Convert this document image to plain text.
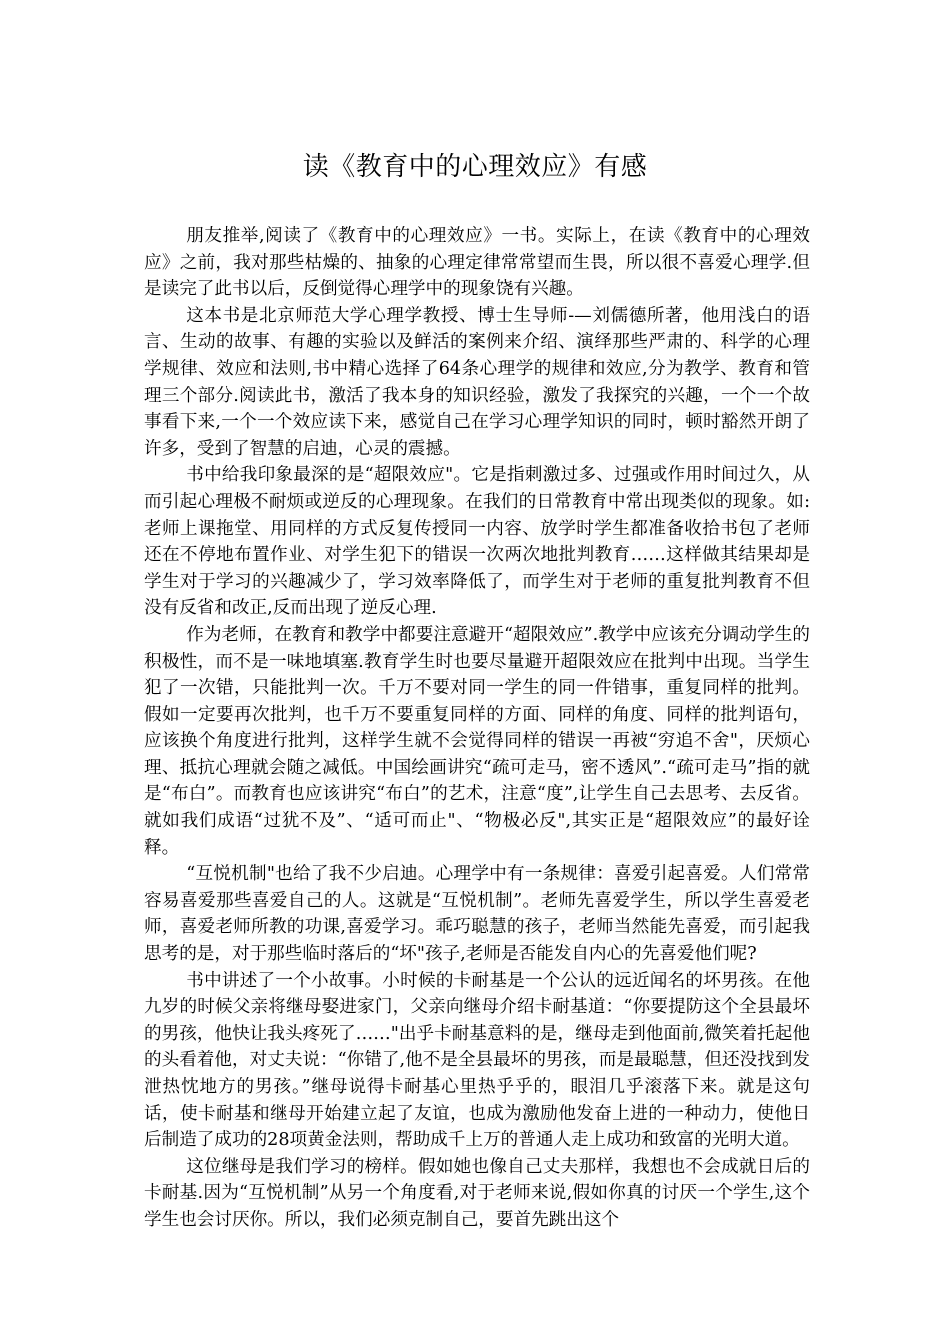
读《教育中的心理效应》有感

朋友推举,阅读了《教育中的心理效应》一书。实际上，在读《教育中的心理效应》之前，我对那些枯燥的、抽象的心理定律常常望而生畏，所以很不喜爱心理学.但是读完了此书以后，反倒觉得心理学中的现象饶有兴趣。

这本书是北京师范大学心理学教授、博士生导师-—刘儒德所著，他用浅白的语言、生动的故事、有趣的实验以及鲜活的案例来介绍、演绎那些严肃的、科学的心理学规律、效应和法则,书中精心选择了64条心理学的规律和效应,分为教学、教育和管理三个部分.阅读此书，激活了我本身的知识经验，激发了我探究的兴趣，一个一个故事看下来,一个一个效应读下来，感觉自己在学习心理学知识的同时，顿时豁然开朗了许多，受到了智慧的启迪，心灵的震撼。

书中给我印象最深的是“超限效应"。它是指刺激过多、过强或作用时间过久，从而引起心理极不耐烦或逆反的心理现象。在我们的日常教育中常出现类似的现象。如:老师上课拖堂、用同样的方式反复传授同一内容、放学时学生都准备收拾书包了老师还在不停地布置作业、对学生犯下的错误一次两次地批判教育……这样做其结果却是学生对于学习的兴趣减少了，学习效率降低了，而学生对于老师的重复批判教育不但没有反省和改正,反而出现了逆反心理.

作为老师，在教育和教学中都要注意避开“超限效应”.教学中应该充分调动学生的积极性，而不是一味地填塞.教育学生时也要尽量避开超限效应在批判中出现。当学生犯了一次错，只能批判一次。千万不要对同一学生的同一件错事，重复同样的批判。假如一定要再次批判，也千万不要重复同样的方面、同样的角度、同样的批判语句，应该换个角度进行批判，这样学生就不会觉得同样的错误一再被“穷追不舍"，厌烦心理、抵抗心理就会随之减低。中国绘画讲究“疏可走马，密不透风”.“疏可走马”指的就是“布白”。而教育也应该讲究“布白”的艺术，注意“度”,让学生自己去思考、去反省。就如我们成语“过犹不及”、“适可而止"、“物极必反",其实正是“超限效应”的最好诠释。

“互悦机制"也给了我不少启迪。心理学中有一条规律：喜爱引起喜爱。人们常常容易喜爱那些喜爱自己的人。这就是“互悦机制”。老师先喜爱学生，所以学生喜爱老师，喜爱老师所教的功课,喜爱学习。乖巧聪慧的孩子，老师当然能先喜爱，而引起我思考的是，对于那些临时落后的“坏"孩子,老师是否能发自内心的先喜爱他们呢?

书中讲述了一个小故事。小时候的卡耐基是一个公认的远近闻名的坏男孩。在他九岁的时候父亲将继母娶进家门，父亲向继母介绍卡耐基道：“你要提防这个全县最坏的男孩，他快让我头疼死了……"出乎卡耐基意料的是，继母走到他面前,微笑着托起他的头看着他，对丈夫说：“你错了,他不是全县最坏的男孩，而是最聪慧，但还没找到发泄热忱地方的男孩。”继母说得卡耐基心里热乎乎的，眼泪几乎滚落下来。就是这句话，使卡耐基和继母开始建立起了友谊，也成为激励他发奋上进的一种动力，使他日后制造了成功的28项黄金法则，帮助成千上万的普通人走上成功和致富的光明大道。

这位继母是我们学习的榜样。假如她也像自己丈夫那样，我想也不会成就日后的卡耐基.因为“互悦机制”从另一个角度看,对于老师来说,假如你真的讨厌一个学生,这个学生也会讨厌你。所以，我们必须克制自己，要首先跳出这个
